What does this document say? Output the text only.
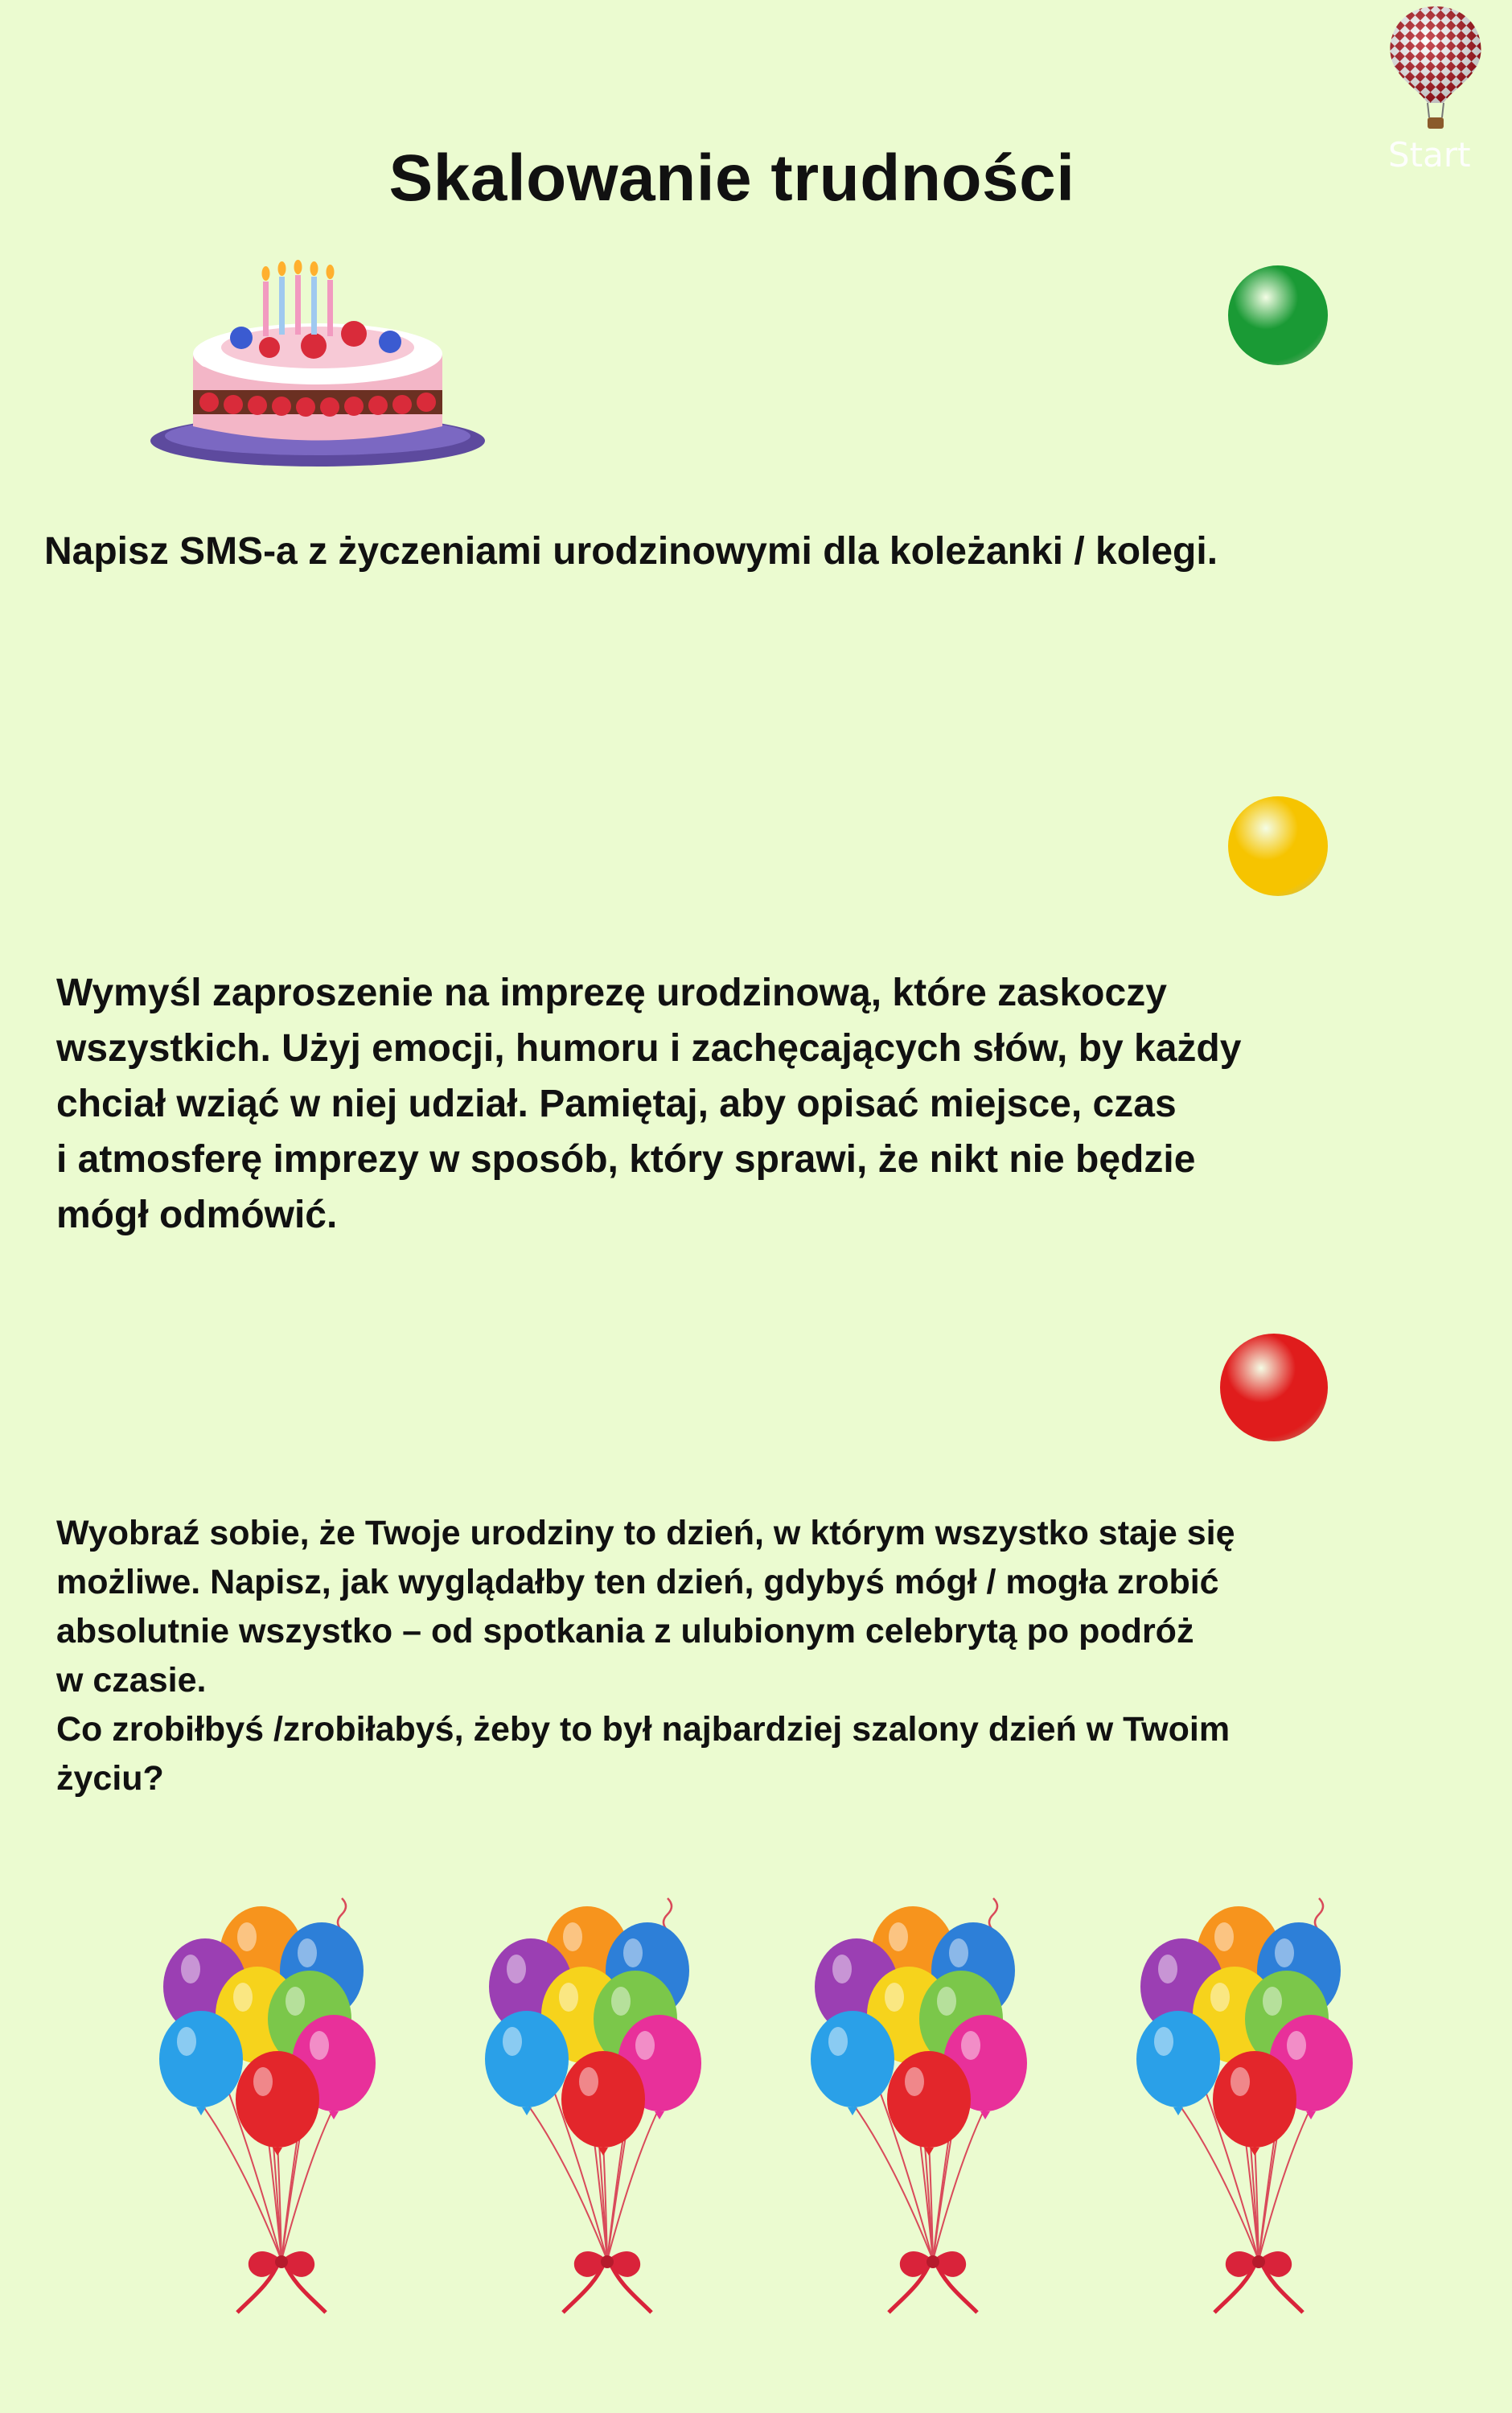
Start
Skalowanie trudności
Napisz SMS-a z życzeniami urodzinowymi dla koleżanki / kolegi.
Wymyśl zaproszenie na imprezę urodzinową, które zaskoczy
wszystkich. Użyj emocji, humoru i zachęcających słów, by każdy
chciał wziąć w niej udział. Pamiętaj, aby opisać miejsce, czas
i atmosferę imprezy w sposób, który sprawi, że nikt nie będzie
mógł odmówić.
Wyobraź sobie, że Twoje urodziny to dzień, w którym wszystko staje się
możliwe. Napisz, jak wyglądałby ten dzień, gdybyś mógł / mogła zrobić
absolutnie wszystko – od spotkania z ulubionym celebrytą po podróż
w czasie.
Co zrobiłbyś /zrobiłabyś, żeby to był najbardziej szalony dzień w Twoim
życiu?
